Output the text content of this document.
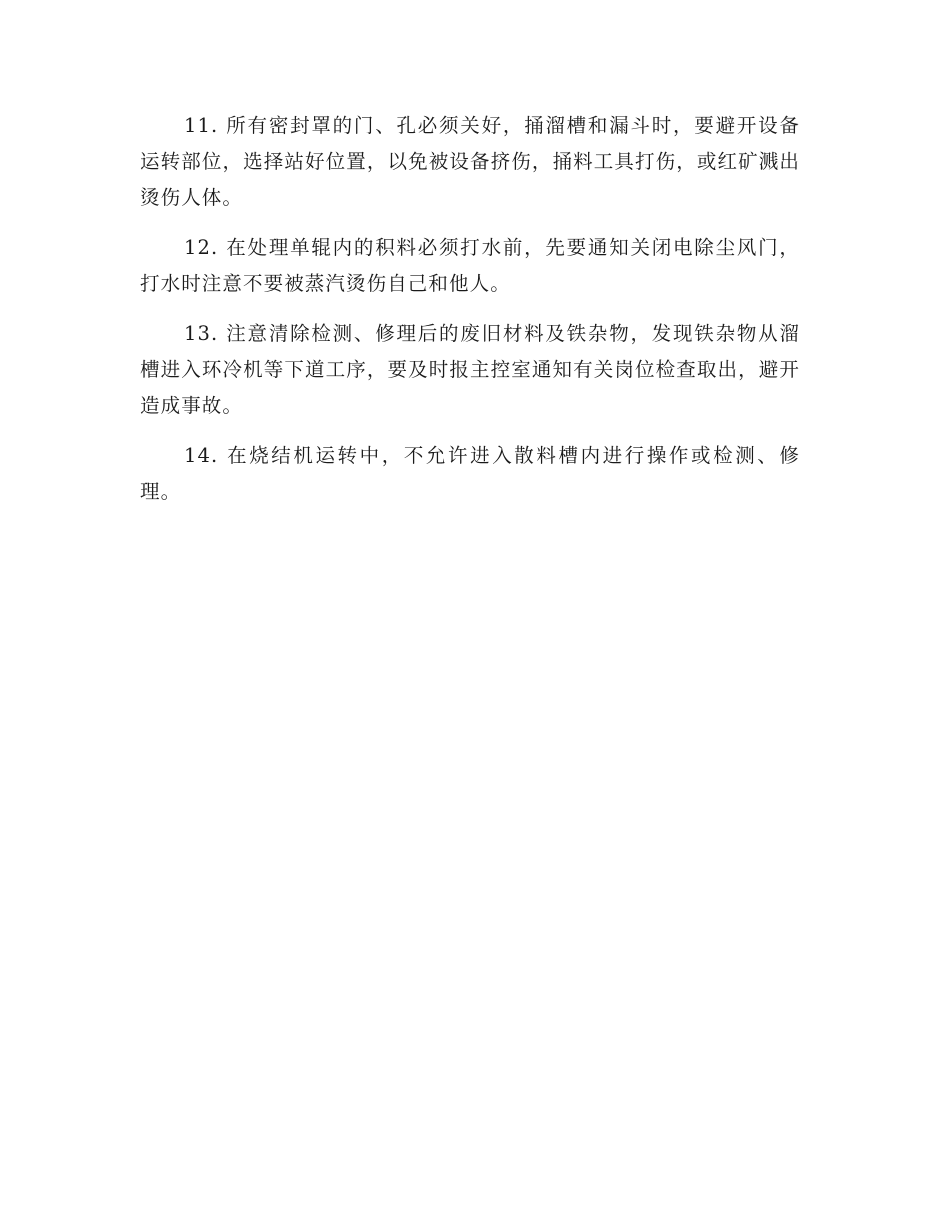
11. 所有密封罩的门、孔必须关好，捅溜槽和漏斗时，要避开设备运转部位，选择站好位置，以免被设备挤伤，捅料工具打伤，或红矿溅出烫伤人体。

12. 在处理单辊内的积料必须打水前，先要通知关闭电除尘风门，打水时注意不要被蒸汽烫伤自己和他人。

13. 注意清除检测、修理后的废旧材料及铁杂物，发现铁杂物从溜槽进入环冷机等下道工序，要及时报主控室通知有关岗位检查取出，避开造成事故。

14. 在烧结机运转中，不允许进入散料槽内进行操作或检测、修理。
